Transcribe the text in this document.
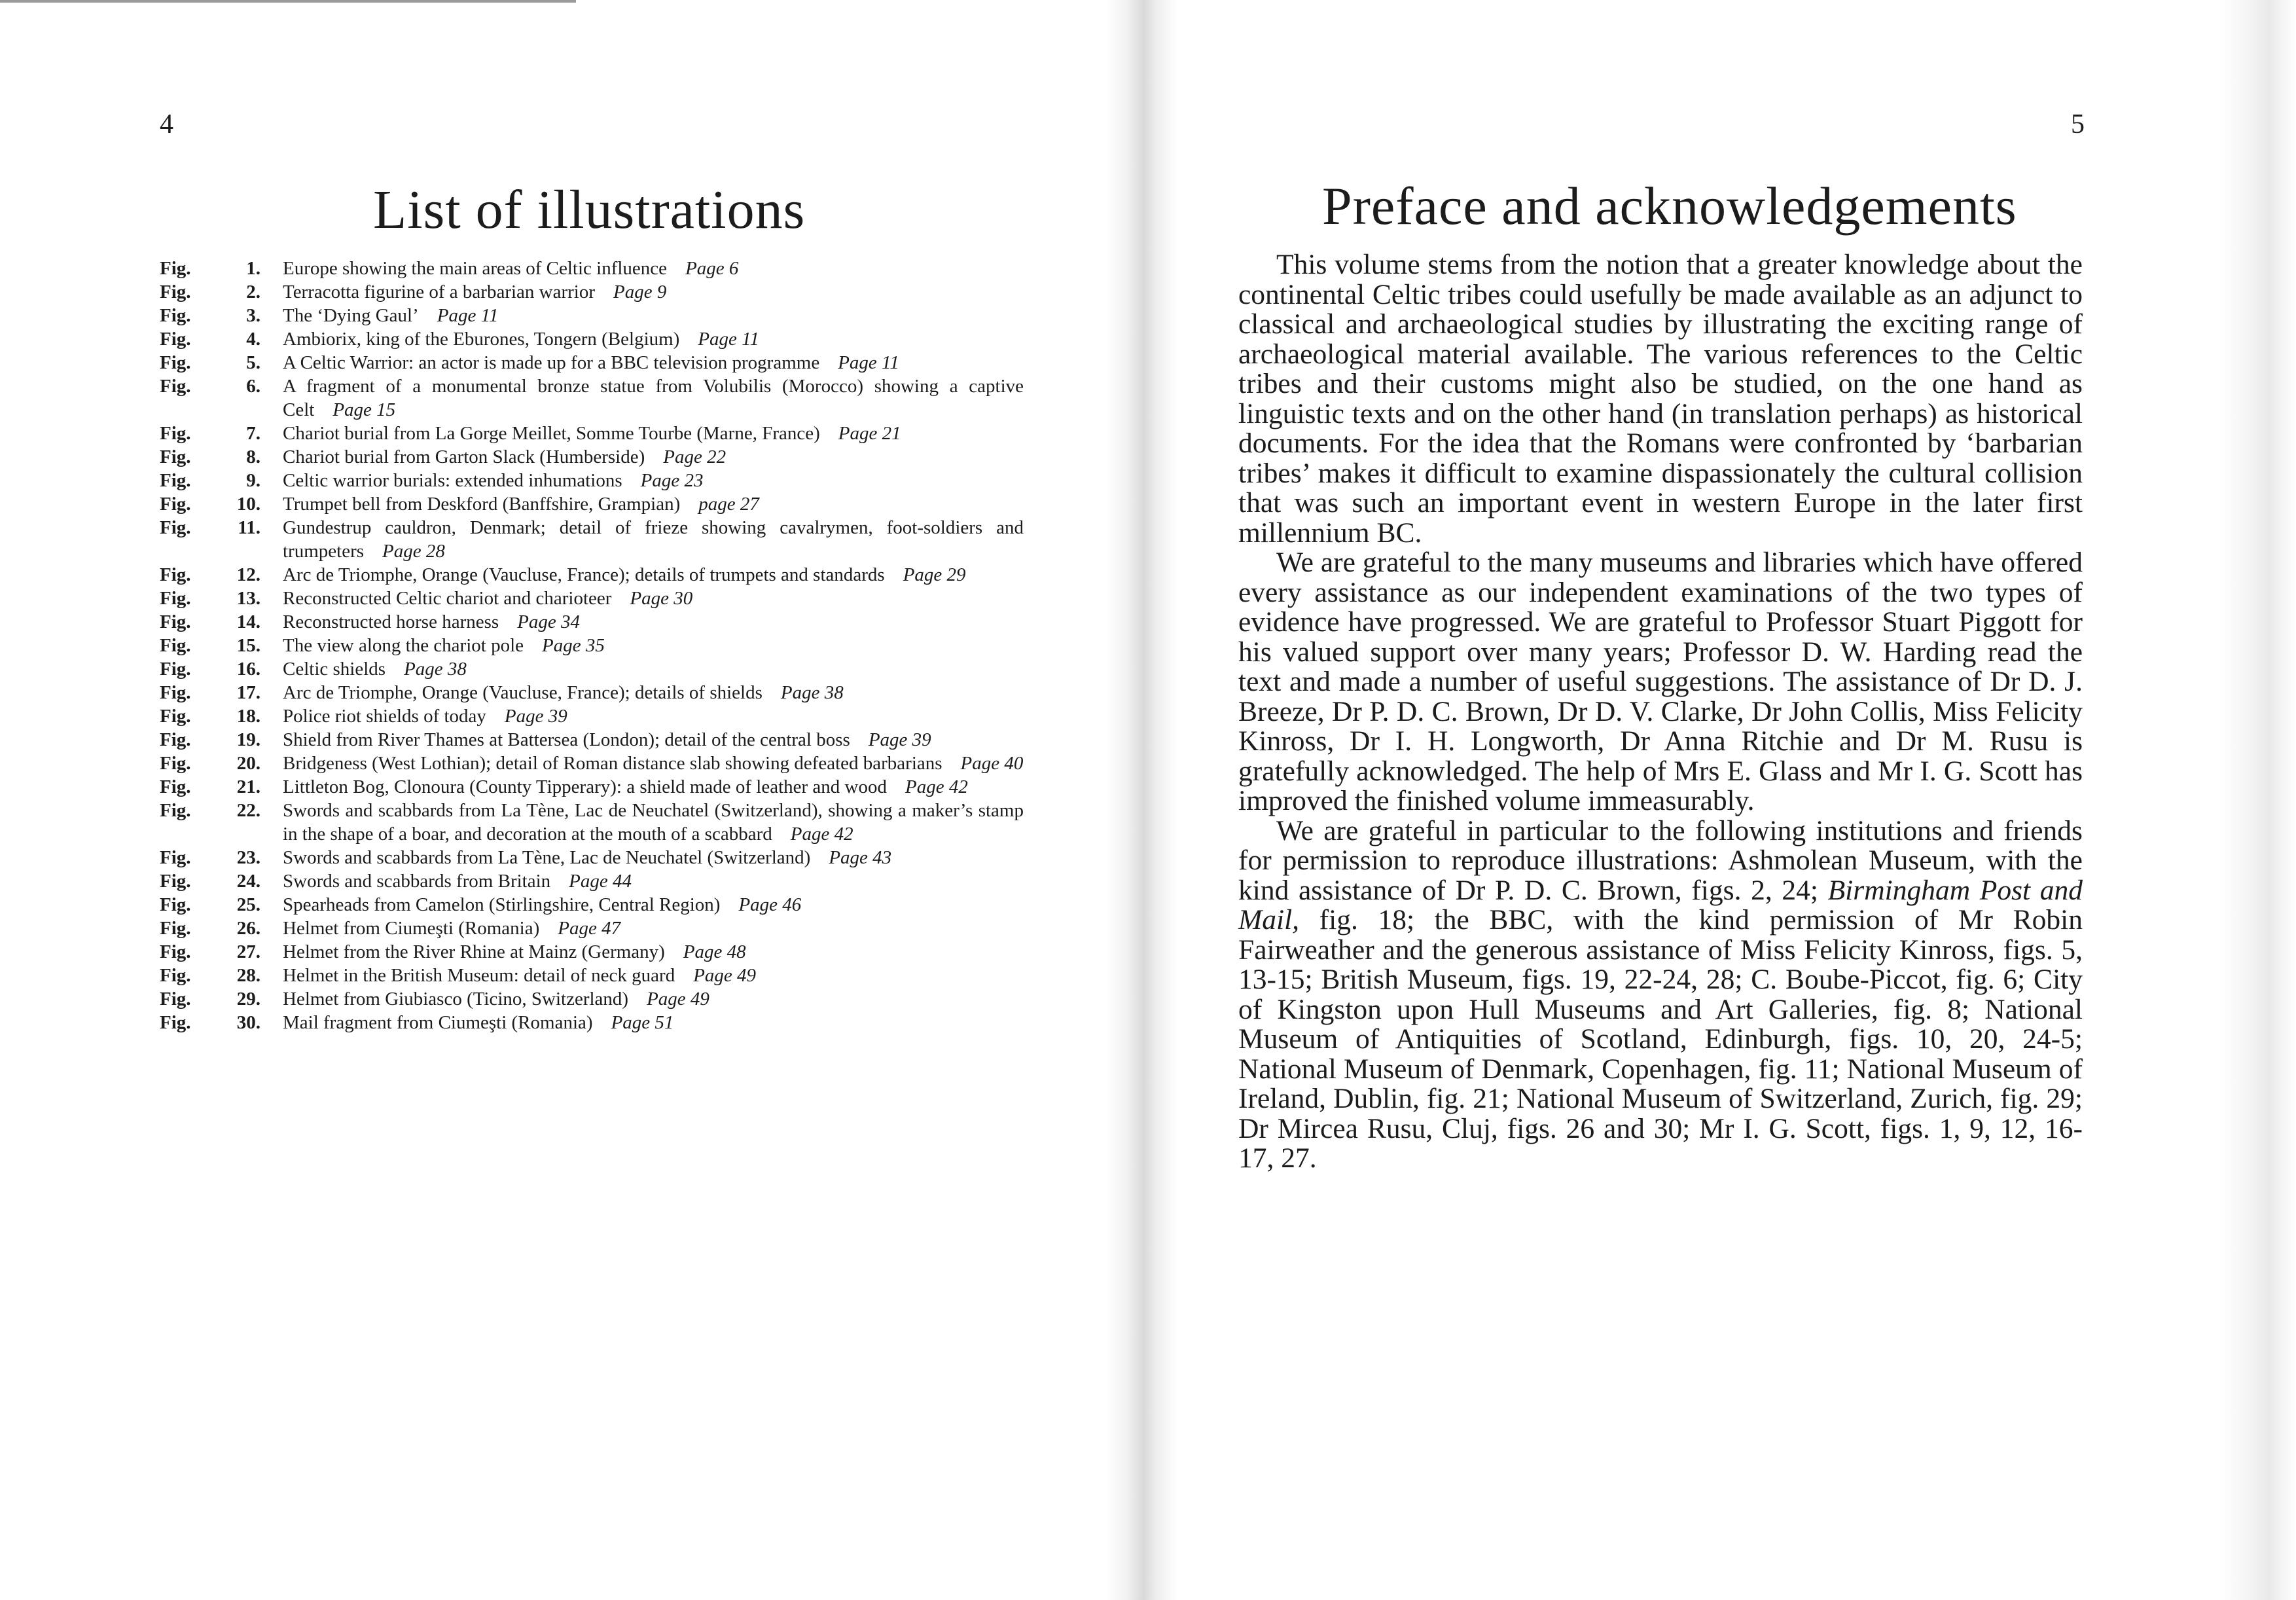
4
List of illustrations
Fig.	1.	Europe showing the main areas of Celtic influence Page 6
Fig.	2.	Terracotta figurine of a barbarian warrior Page 9
Fig.	3.	The ‘Dying Gaul’ Page 11
Fig.	4.	Ambiorix, king of the Eburones, Tongern (Belgium) Page 11
Fig.	5.	A Celtic Warrior: an actor is made up for a BBC television programme Page 11
Fig.	6.	A fragment of a monumental bronze statue from Volubilis (Morocco) showing a captive Celt Page 15
Fig.	7.	Chariot burial from La Gorge Meillet, Somme Tourbe (Marne, France) Page 21
Fig.	8.	Chariot burial from Garton Slack (Humberside) Page 22
Fig.	9.	Celtic warrior burials: extended inhumations Page 23
Fig.	10.	Trumpet bell from Deskford (Banffshire, Grampian) page 27
Fig.	11.	Gundestrup cauldron, Denmark; detail of frieze showing cavalrymen, foot-soldiers and trumpeters Page 28
Fig.	12.	Arc de Triomphe, Orange (Vaucluse, France); details of trumpets and standards Page 29
Fig.	13.	Reconstructed Celtic chariot and charioteer Page 30
Fig.	14.	Reconstructed horse harness Page 34
Fig.	15.	The view along the chariot pole Page 35
Fig.	16.	Celtic shields Page 38
Fig.	17.	Arc de Triomphe, Orange (Vaucluse, France); details of shields Page 38
Fig.	18.	Police riot shields of today Page 39
Fig.	19.	Shield from River Thames at Battersea (London); detail of the central boss Page 39
Fig.	20.	Bridgeness (West Lothian); detail of Roman distance slab showing defeated barbarians Page 40
Fig.	21.	Littleton Bog, Clonoura (County Tipperary): a shield made of leather and wood Page 42
Fig.	22.	Swords and scabbards from La Tène, Lac de Neuchatel (Switzerland), showing a maker’s stamp in the shape of a boar, and decoration at the mouth of a scabbard Page 42
Fig.	23.	Swords and scabbards from La Tène, Lac de Neuchatel (Switzerland) Page 43
Fig.	24.	Swords and scabbards from Britain Page 44
Fig.	25.	Spearheads from Camelon (Stirlingshire, Central Region) Page 46
Fig.	26.	Helmet from Ciumeşti (Romania) Page 47
Fig.	27.	Helmet from the River Rhine at Mainz (Germany) Page 48
Fig.	28.	Helmet in the British Museum: detail of neck guard Page 49
Fig.	29.	Helmet from Giubiasco (Ticino, Switzerland) Page 49
Fig.	30.	Mail fragment from Ciumeşti (Romania) Page 51
5
Preface and acknowledgements

This volume stems from the notion that a greater knowledge about the continental Celtic tribes could usefully be made available as an adjunct to classical and archaeological studies by illustrating the exciting range of archaeological material available. The various references to the Celtic tribes and their customs might also be studied, on the one hand as linguistic texts and on the other hand (in translation perhaps) as historical documents. For the idea that the Romans were confronted by ‘barbarian tribes’ makes it difficult to examine dispassionately the cultural collision that was such an important event in western Europe in the later first millennium BC.

We are grateful to the many museums and libraries which have offered every assistance as our independent examinations of the two types of evidence have progressed. We are grateful to Professor Stuart Piggott for his valued support over many years; Professor D. W. Harding read the text and made a number of useful suggestions. The assistance of Dr D. J. Breeze, Dr P. D. C. Brown, Dr D. V. Clarke, Dr John Collis, Miss Felicity Kinross, Dr I. H. Longworth, Dr Anna Ritchie and Dr M. Rusu is gratefully acknowledged. The help of Mrs E. Glass and Mr I. G. Scott has improved the finished volume immeasurably.

We are grateful in particular to the following institutions and friends for permission to reproduce illustrations: Ashmolean Museum, with the kind assistance of Dr P. D. C. Brown, figs. 2, 24; Birmingham Post and Mail, fig. 18; the BBC, with the kind permission of Mr Robin Fairweather and the generous assistance of Miss Felicity Kinross, figs. 5, 13-15; British Museum, figs. 19, 22-24, 28; C. Boube-Piccot, fig. 6; City of Kingston upon Hull Museums and Art Galleries, fig. 8; National Museum of Antiquities of Scotland, Edinburgh, figs. 10, 20, 24-5; National Museum of Denmark, Copenhagen, fig. 11; National Museum of Ireland, Dublin, fig. 21; National Museum of Switzerland, Zurich, fig. 29; Dr Mircea Rusu, Cluj, figs. 26 and 30; Mr I. G. Scott, figs. 1, 9, 12, 16-17, 27.
